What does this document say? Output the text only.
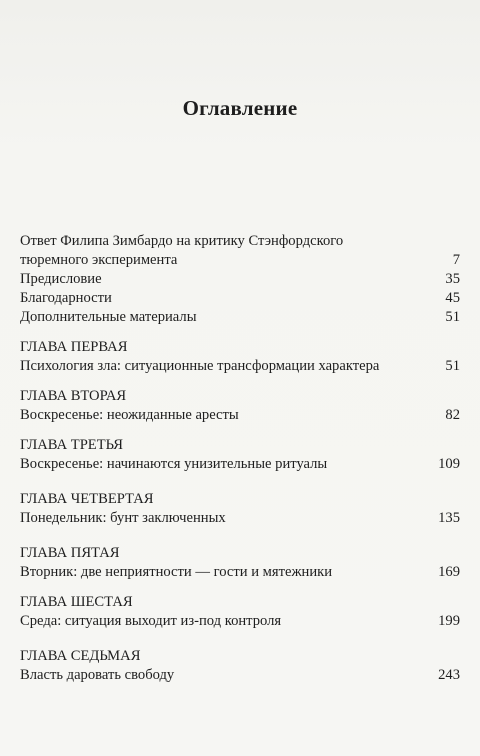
Оглавление
Ответ Филипа Зимбардо на критику Стэнфордского
тюремного эксперимента	7
Предисловие	35
Благодарности	45
Дополнительные материалы	51
ГЛАВА ПЕРВАЯ
Психология зла: ситуационные трансформации характера	51
ГЛАВА ВТОРАЯ
Воскресенье: неожиданные аресты	82
ГЛАВА ТРЕТЬЯ
Воскресенье: начинаются унизительные ритуалы	109
ГЛАВА ЧЕТВЕРТАЯ
Понедельник: бунт заключенных	135
ГЛАВА ПЯТАЯ
Вторник: две неприятности — гости и мятежники	169
ГЛАВА ШЕСТАЯ
Среда: ситуация выходит из-под контроля	199
ГЛАВА СЕДЬМАЯ
Власть даровать свободу	243
